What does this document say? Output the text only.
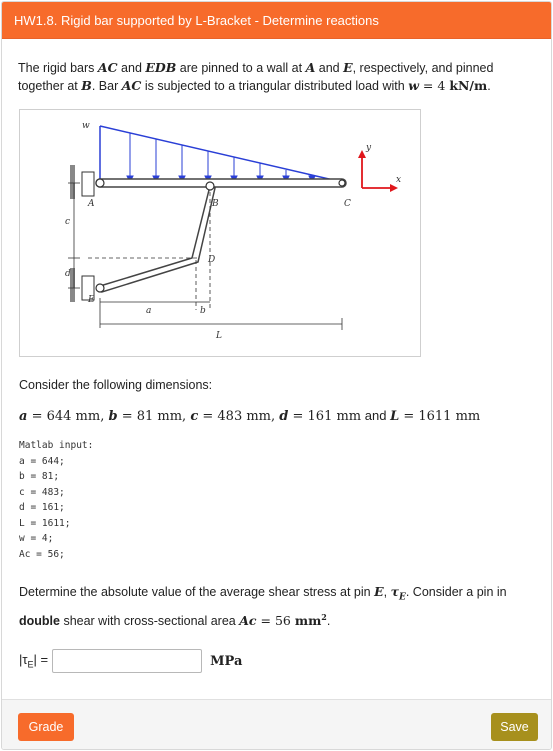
HW1.8. Rigid bar supported by L-Bracket - Determine reactions
The rigid bars AC and EDB are pinned to a wall at A and E, respectively, and pinned together at B. Bar AC is subjected to a triangular distributed load with w = 4 kN/m.
w
c
d
a	b
L
A	B	C
D
E
y
x
Consider the following dimensions:
a = 644 mm, b = 81 mm, c = 483 mm, d = 161 mm and L = 1611 mm
Matlab input:
a = 644;
b = 81;
c = 483;
d = 161;
L = 1611;
w = 4;
Ac = 56;
Determine the absolute value of the average shear stress at pin E, $\tau_E$. Consider a pin in double shear with cross-sectional area Ac = 56 $mm^2$.
$|\tau_E|$ =	MPa
Grade	Save
